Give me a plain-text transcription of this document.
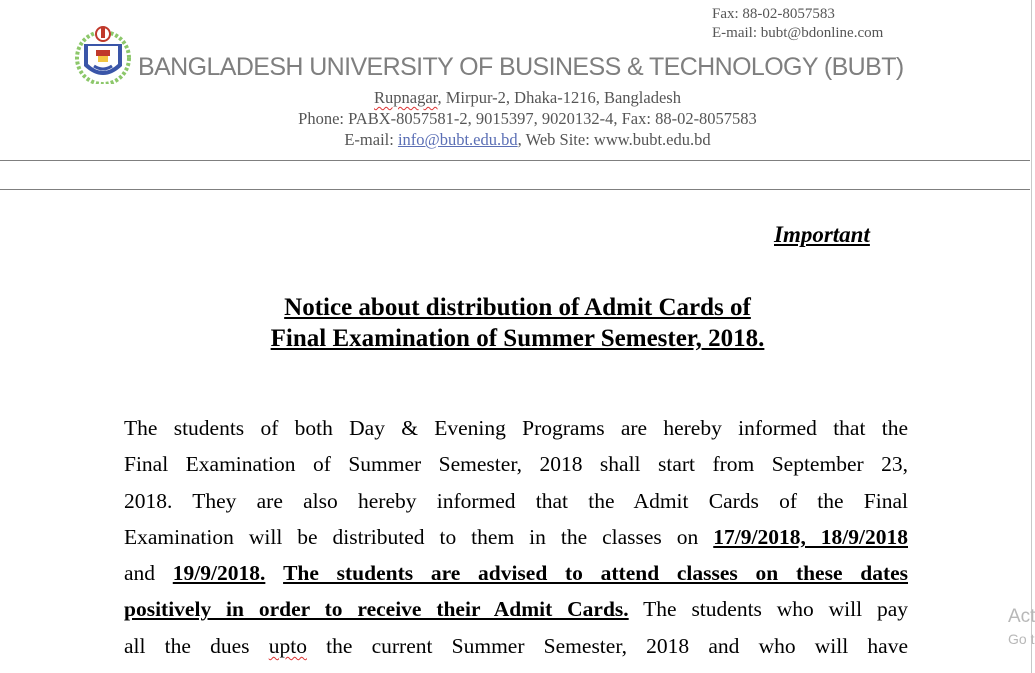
Fax: 88-02-8057583
E-mail: bubt@bdonline.com
BANGLADESH UNIVERSITY OF BUSINESS & TECHNOLOGY (BUBT)
Rupnagar, Mirpur-2, Dhaka-1216, Bangladesh
Phone: PABX-8057581-2, 9015397, 9020132-4, Fax: 88-02-8057583
E-mail: info@bubt.edu.bd, Web Site: www.bubt.edu.bd
Important
Notice about distribution of Admit Cards of
Final Examination of Summer Semester, 2018.
The students of both Day & Evening Programs are hereby informed that the
Final Examination of Summer Semester, 2018 shall start from September 23,
2018. They are also hereby informed that the Admit Cards of the Final
Examination will be distributed to them in the classes on 17/9/2018, 18/9/2018
and 19/9/2018. The students are advised to attend classes on these dates
positively in order to receive their Admit Cards. The students who will pay
all the dues upto the current Summer Semester, 2018 and who will have
Act
Go t
